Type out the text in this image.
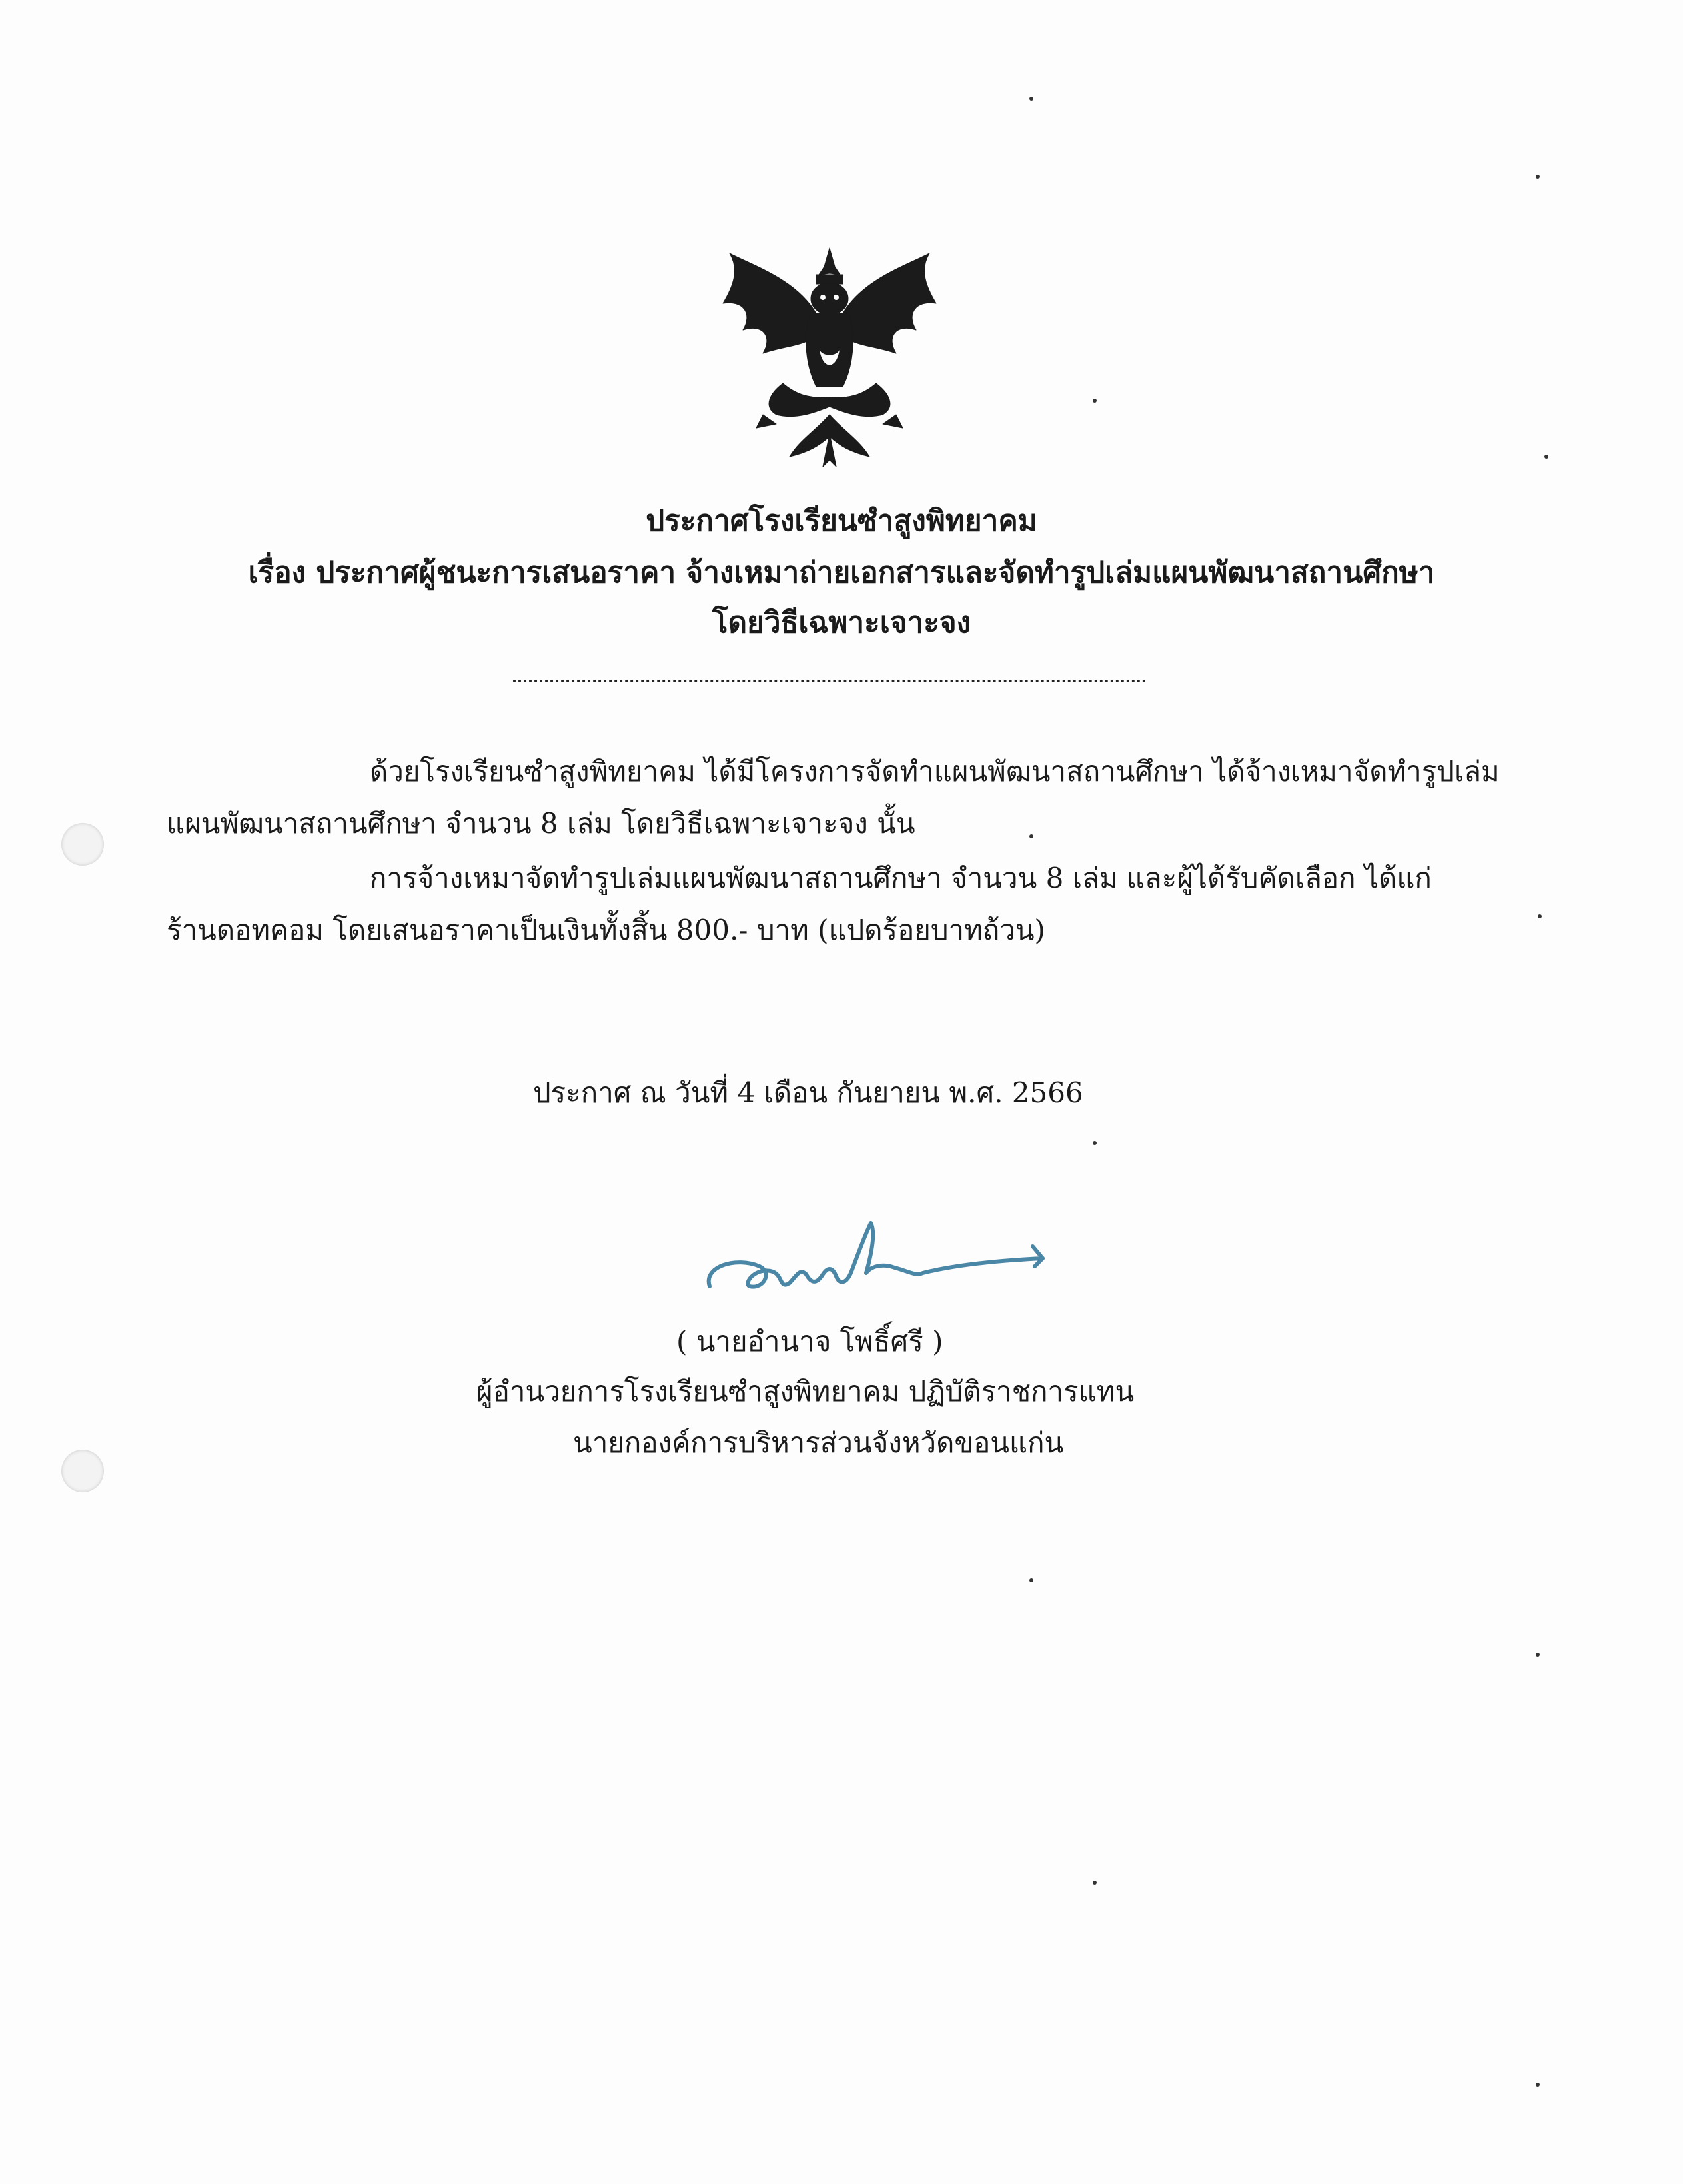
ประกาศโรงเรียนซำสูงพิทยาคม
เรื่อง ประกาศผู้ชนะการเสนอราคา จ้างเหมาถ่ายเอกสารและจัดทำรูปเล่มแผนพัฒนาสถานศึกษา
โดยวิธีเฉพาะเจาะจง
ด้วยโรงเรียนซำสูงพิทยาคม ได้มีโครงการจัดทำแผนพัฒนาสถานศึกษา ได้จ้างเหมาจัดทำรูปเล่ม
แผนพัฒนาสถานศึกษา จำนวน 8 เล่ม โดยวิธีเฉพาะเจาะจง นั้น
การจ้างเหมาจัดทำรูปเล่มแผนพัฒนาสถานศึกษา จำนวน 8 เล่ม และผู้ได้รับคัดเลือก ได้แก่
ร้านดอทคอม โดยเสนอราคาเป็นเงินทั้งสิ้น 800.- บาท (แปดร้อยบาทถ้วน)
ประกาศ ณ วันที่ 4 เดือน กันยายน พ.ศ. 2566
( นายอำนาจ โพธิ์ศรี )
ผู้อำนวยการโรงเรียนซำสูงพิทยาคม ปฏิบัติราชการแทน
นายกองค์การบริหารส่วนจังหวัดขอนแก่น
